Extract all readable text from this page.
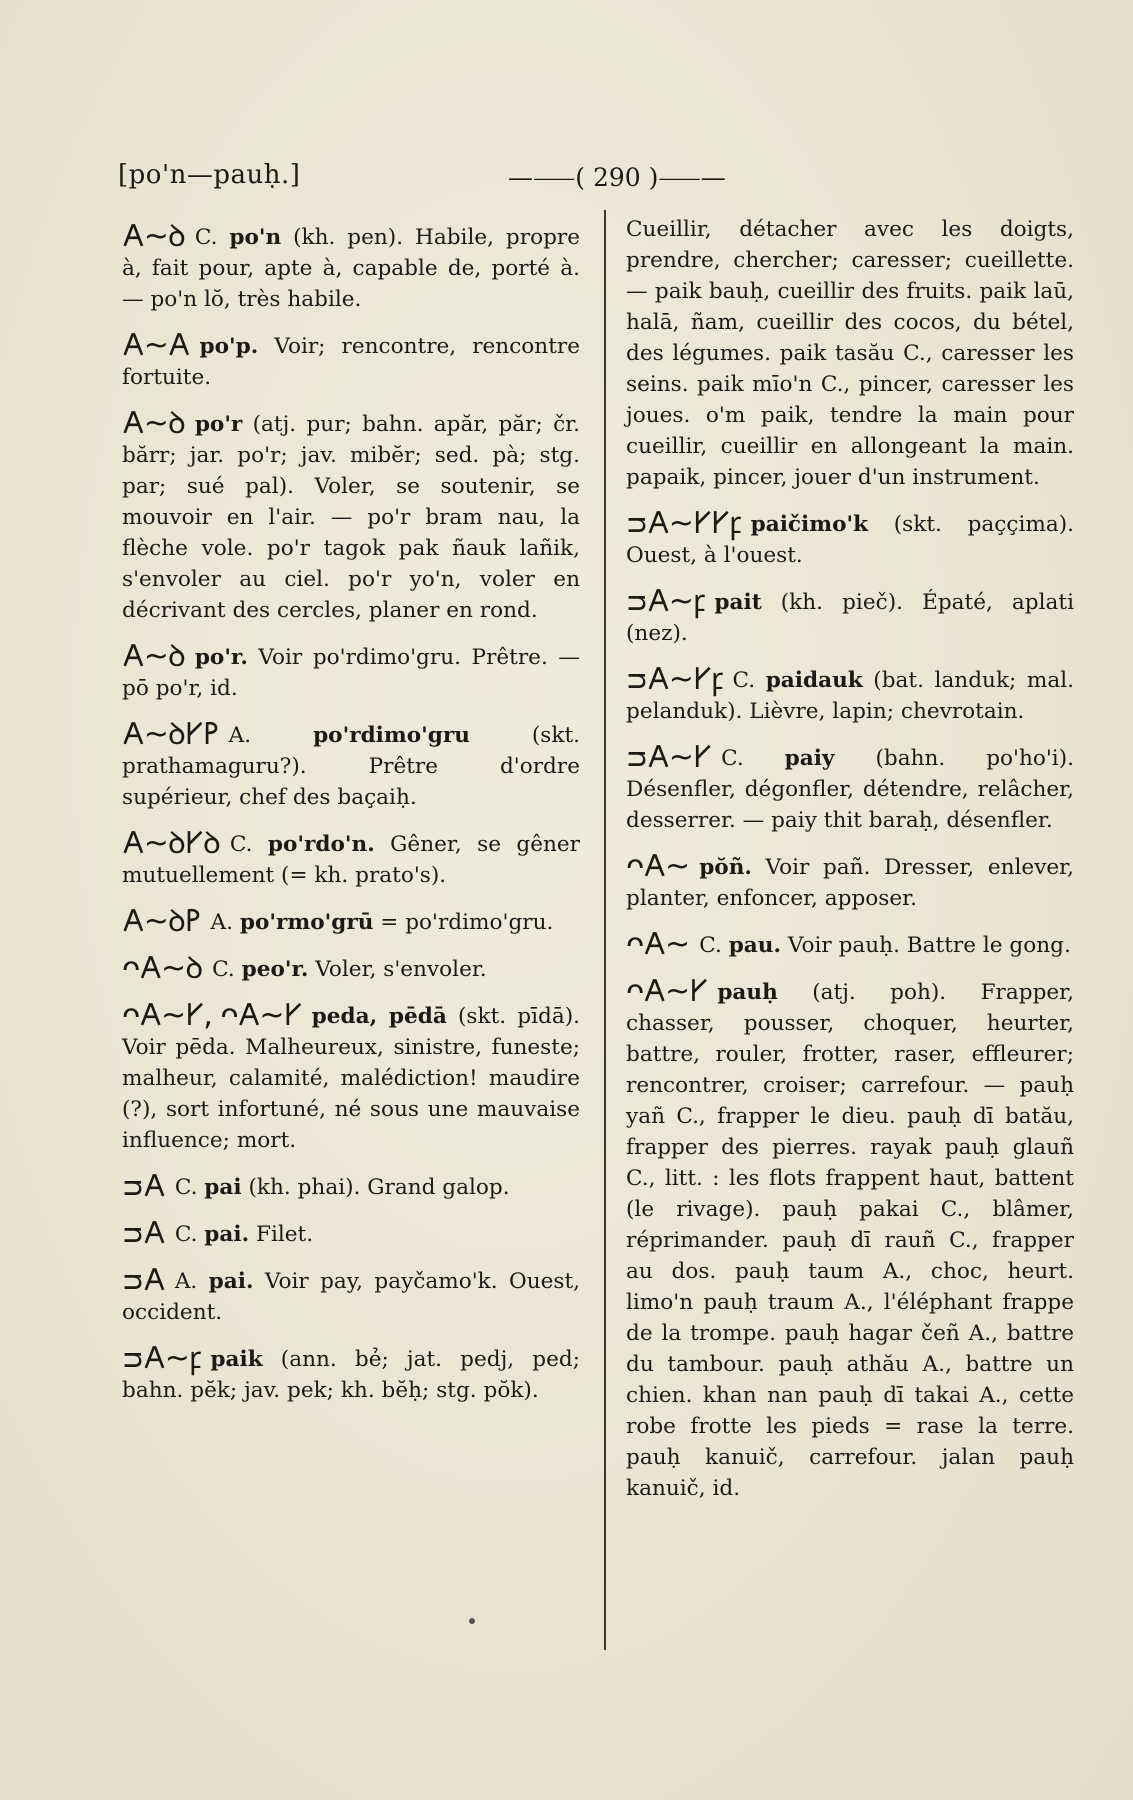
[po'n—pauḥ.]	—⸺( 290 )⸺—

𐌀~ꝺ C. po'n (kh. pen). Habile, propre à, fait pour, apte à, capable de, porté à. — po'n lŏ, très habile.

𐌀~𐌀 po'p. Voir; rencontre, rencontre fortuite.

𐌀~ꝺ po'r (atj. pur; bahn. apăr, păr; čr. bărr; jar. po'r; jav. mibĕr; sed. pà; stg. par; sué pal). Voler, se soutenir, se mouvoir en l'air. — po'r bram nau, la flèche vole. po'r tagok pak ñauk lañik, s'envoler au ciel. po'r yo'n, voler en décrivant des cercles, planer en rond.

𐌀~ꝺ po'r. Voir po'rdimo'gru. Prêtre. — pō po'r, id.

𐌀~ꝺ𐌖𐌛 A. po'rdimo'gru (skt. prathamaguru?). Prêtre d'ordre supérieur, chef des baçaiḥ.

𐌀~ꝺ𐌖ꝺ C. po'rdo'n. Gêner, se gêner mutuellement (= kh. prato's).

𐌀~ꝺ𐌛 A. po'rmo'grū = po'rdimo'gru.

ᴖ𐌀~ꝺ C. peo'r. Voler, s'envoler.

ᴖ𐌀~𐌖, ᴖ𐌀~𐌖 peda, pēdā (skt. pīdā). Voir pēda. Malheureux, sinistre, funeste; malheur, calamité, malédiction! maudire (?), sort infortuné, né sous une mauvaise influence; mort.

ᴝ𐌀 C. pai (kh. phai). Grand galop.

ᴝ𐌀 C. pai. Filet.

ᴝ𐌀 A. pai. Voir pay, payčamo'k. Ouest, occident.

ᴝ𐌀~ꝼ paik (ann. bẻ; jat. pedj, ped; bahn. pĕk; jav. pek; kh. bĕḥ; stg. pŏk).

Cueillir, détacher avec les doigts, prendre, chercher; caresser; cueillette. — paik bauḥ, cueillir des fruits. paik laū, halā, ñam, cueillir des cocos, du bétel, des légumes. paik tasău C., caresser les seins. paik mīo'n C., pincer, caresser les joues. o'm paik, tendre la main pour cueillir, cueillir en allongeant la main. papaik, pincer, jouer d'un instrument.

ᴝ𐌀~𐌖𐌖ꝼ paičimo'k (skt. paççima). Ouest, à l'ouest.

ᴝ𐌀~ꝼ pait (kh. pieč). Épaté, aplati (nez).

ᴝ𐌀~𐌖ꝼ C. paidauk (bat. landuk; mal. pelanduk). Lièvre, lapin; chevrotain.

ᴝ𐌀~𐌖 C. paiy (bahn. po'ho'i). Désenfler, dégonfler, détendre, relâcher, desserrer. — paiy thit baraḥ, désenfler.

ᴖ𐌀~ pŏñ. Voir pañ. Dresser, enlever, planter, enfoncer, apposer.

ᴖ𐌀~ C. pau. Voir pauḥ. Battre le gong.

ᴖ𐌀~𐌖 pauḥ (atj. poh). Frapper, chasser, pousser, choquer, heurter, battre, rouler, frotter, raser, effleurer; rencontrer, croiser; carrefour. — pauḥ yañ C., frapper le dieu. pauḥ dī batău, frapper des pierres. rayak pauḥ glauñ C., litt. : les flots frappent haut, battent (le rivage). pauḥ pakai C., blâmer, réprimander. pauḥ dī rauñ C., frapper au dos. pauḥ taum A., choc, heurt. limo'n pauḥ traum A., l'éléphant frappe de la trompe. pauḥ hagar čeñ A., battre du tambour. pauḥ athău A., battre un chien. khan nan pauḥ dī takai A., cette robe frotte les pieds = rase la terre. pauḥ kanuič, carrefour. jalan pauḥ kanuič, id.
